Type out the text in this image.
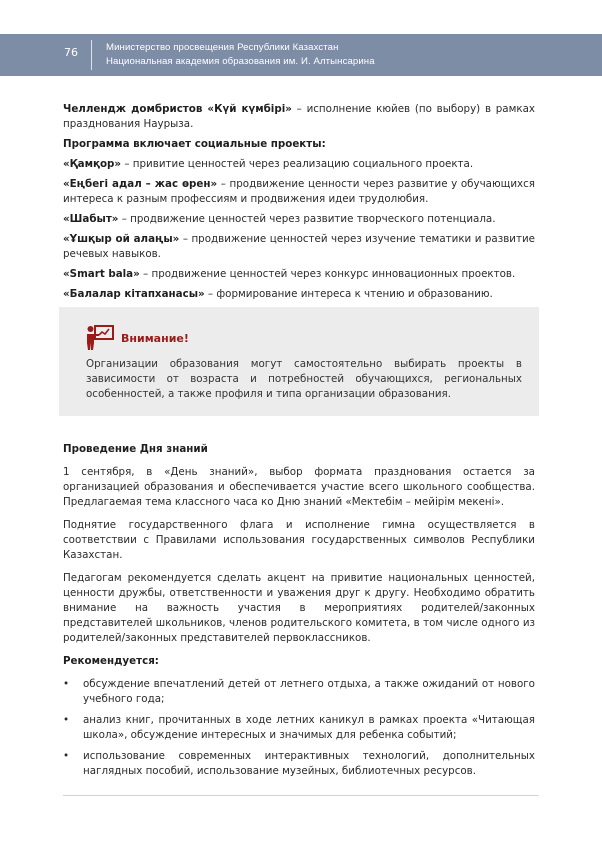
76	Министерство просвещения Республики Казахстан
Национальная академия образования им. И. Алтынсарина

Челлендж домбристов «Күй күмбірі» – исполнение кюйев (по выбору) в рамках празднования Наурыза.

Программа включает социальные проекты:

«Қамқор» – привитие ценностей через реализацию социального проекта.

«Еңбегі адал – жас өрен» – продвижение ценности через развитие у обучающихся интереса к разным профессиям и продвижения идеи трудолюбия.

«Шабыт» – продвижение ценностей через развитие творческого потенциала.

«Ұшқыр ой алаңы» – продвижение ценностей через изучение тематики и развитие речевых навыков.

«Smart bala» – продвижение ценностей через конкурс инновационных проектов.

«Балалар кітапханасы» – формирование интереса к чтению и образованию.

Внимание!

Организации образования могут самостоятельно выбирать проекты в зависимости от возраста и потребностей обучающихся, региональных особенностей, а также профиля и типа организации образования.

Проведение Дня знаний

1 сентября, в «День знаний», выбор формата празднования остается за организацией образования и обеспечивается участие всего школьного сообщества. Предлагаемая тема классного часа ко Дню знаний «Мектебім – мейірім мекені».

Поднятие государственного флага и исполнение гимна осуществляется в соответствии с Правилами использования государственных символов Республики Казахстан.

Педагогам рекомендуется сделать акцент на привитие национальных ценностей, ценности дружбы, ответственности и уважения друг к другу. Необходимо обратить внимание на важность участия в мероприятиях родителей/законных представителей школьников, членов родительского комитета, в том числе одного из родителей/законных представителей первоклассников.

Рекомендуется:

• обсуждение впечатлений детей от летнего отдыха, а также ожиданий от нового учебного года;
• анализ книг, прочитанных в ходе летних каникул в рамках проекта «Читающая школа», обсуждение интересных и значимых для ребенка событий;
• использование современных интерактивных технологий, дополнительных наглядных пособий, использование музейных, библиотечных ресурсов.
